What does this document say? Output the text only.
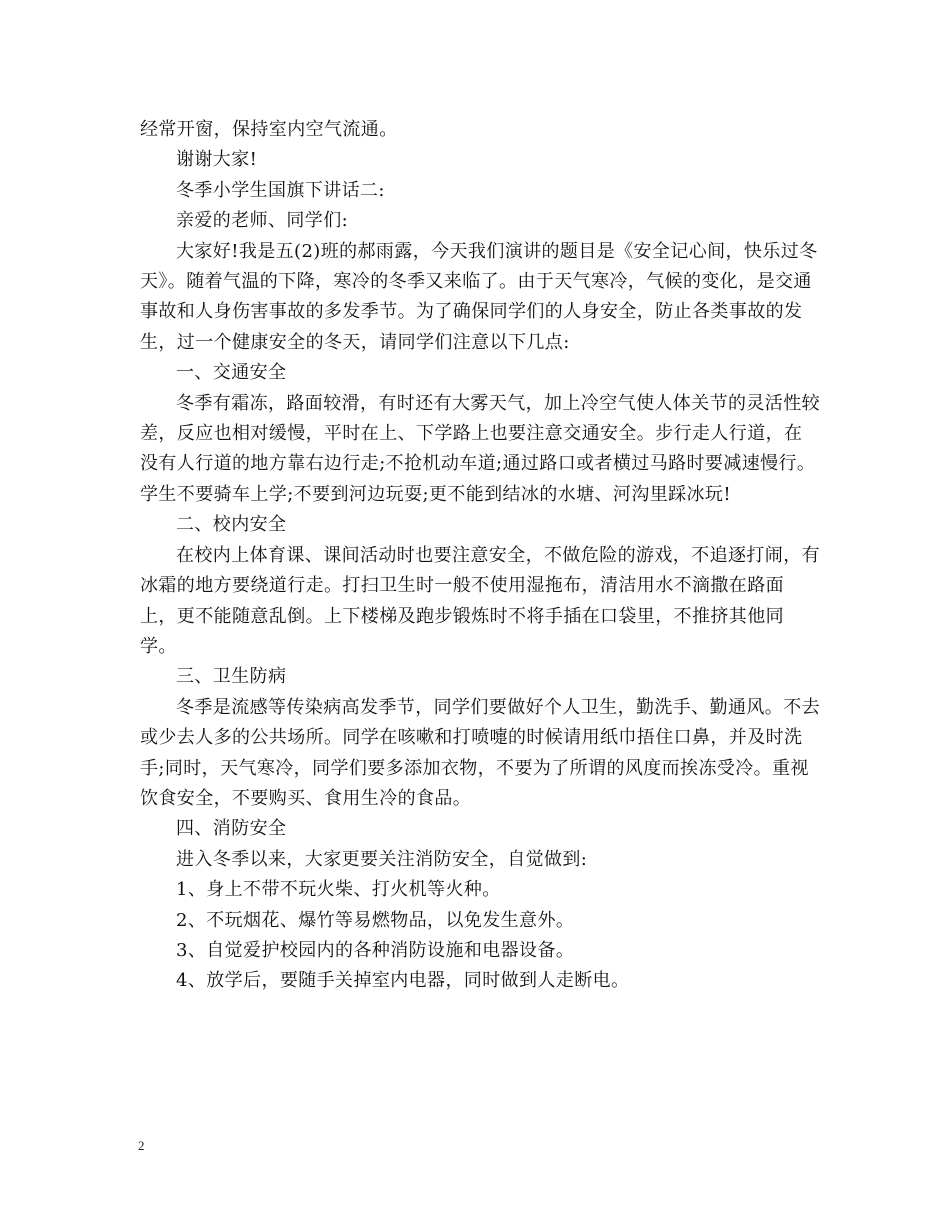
经常开窗，保持室内空气流通。

谢谢大家!

冬季小学生国旗下讲话二:

亲爱的老师、同学们:

大家好!我是五(2)班的郝雨露，今天我们演讲的题目是《安全记心间，快乐过冬天》。随着气温的下降，寒冷的冬季又来临了。由于天气寒冷，气候的变化，是交通事故和人身伤害事故的多发季节。为了确保同学们的人身安全，防止各类事故的发生，过一个健康安全的冬天，请同学们注意以下几点:

一、交通安全

冬季有霜冻，路面较滑，有时还有大雾天气，加上冷空气使人体关节的灵活性较差，反应也相对缓慢，平时在上、下学路上也要注意交通安全。步行走人行道，在没有人行道的地方靠右边行走;不抢机动车道;通过路口或者横过马路时要减速慢行。学生不要骑车上学;不要到河边玩耍;更不能到结冰的水塘、河沟里踩冰玩!

二、校内安全

在校内上体育课、课间活动时也要注意安全，不做危险的游戏，不追逐打闹，有冰霜的地方要绕道行走。打扫卫生时一般不使用湿拖布，清洁用水不滴撒在路面上，更不能随意乱倒。上下楼梯及跑步锻炼时不将手插在口袋里，不推挤其他同学。

三、卫生防病

冬季是流感等传染病高发季节，同学们要做好个人卫生，勤洗手、勤通风。不去或少去人多的公共场所。同学在咳嗽和打喷嚏的时候请用纸巾捂住口鼻，并及时洗手;同时，天气寒冷，同学们要多添加衣物，不要为了所谓的风度而挨冻受冷。重视饮食安全，不要购买、食用生冷的食品。

四、消防安全

进入冬季以来，大家更要关注消防安全，自觉做到:

1、身上不带不玩火柴、打火机等火种。

2、不玩烟花、爆竹等易燃物品，以免发生意外。

3、自觉爱护校园内的各种消防设施和电器设备。

4、放学后，要随手关掉室内电器，同时做到人走断电。

2
